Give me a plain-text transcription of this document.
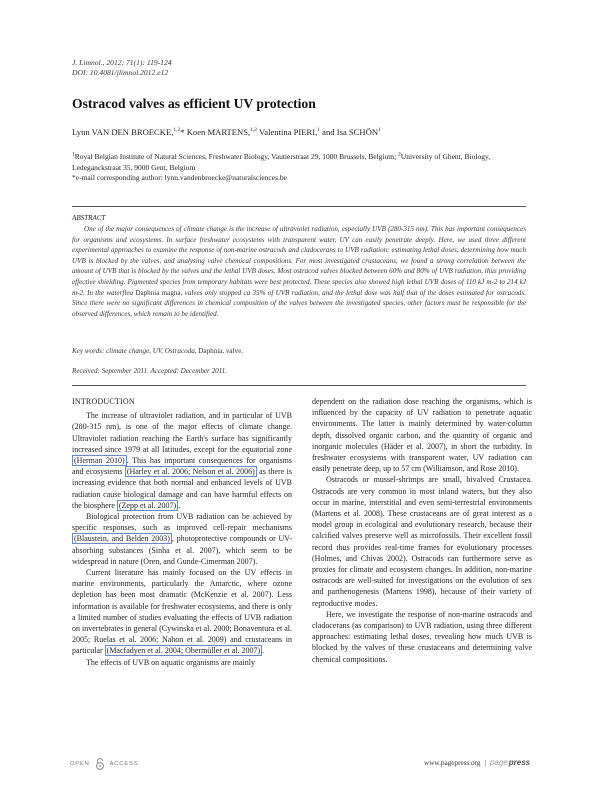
J. Limnol., 2012; 71(1): 119-124
DOI: 10.4081/jlimnol.2012.e12
Ostracod valves as efficient UV protection
Lynn VAN DEN BROECKE,$^{1,2}$* Koen MARTENS,$^{1,2}$ Valentina PIERI,$^1$ and Isa SCHÖN$^1$
$^1$Royal Belgian Institute of Natural Sciences, Freshwater Biology, Vautierstraat 29, 1000 Brussels, Belgium; $^2$University of Ghent, Biology, Ledeganckstraat 35, 9000 Gent, Belgium
*e-mail corresponding author: lynn.vandenbroecke@naturalsciences.be
ABSTRACT
One of the major consequences of climate change is the increase of ultraviolet radiation, especially UVB (280-315 nm). This has important consequences for organisms and ecosystems. In surface freshwater ecosystems with transparent water, UV can easily penetrate deeply. Here, we used three different experimental approaches to examine the response of non-marine ostracods and cladocerans to UVB radiation: estimating lethal doses, determining how much UVB is blocked by the valves, and analysing valve chemical compositions. For most investigated crustaceans, we found a strong correlation between the amount of UVB that is blocked by the valves and the lethal UVB doses. Most ostracod valves blocked between 60% and 80% of UVB radiation, thus providing effective shielding. Pigmented species from temporary habitats were best protected. These species also showed high lethal UVB doses of 110 kJ m-2 to 214 kJ m-2. In the waterflea Daphnia magna, valves only stopped ca 35% of UVB radiation, and the lethal dose was half that of the doses estimated for ostracods. Since there were no significant differences in chemical composition of the valves between the investigated species, other factors must be responsible for the observed differences, which remain to be identified.
Key words: climate change, UV, Ostracoda, Daphnia, valve.
Received: September 2011. Accepted: December 2011.
INTRODUCTION

The increase of ultraviolet radiation, and in particular of UVB (280-315 nm), is one of the major effects of climate change. Ultraviolet radiation reaching the Earth's surface has significantly increased since 1979 at all latitudes, except for the equatorial zone (Herman 2010) . This has important consequences for organisms and ecosystems (Harley et al. 2006; Nelson et al. 2006) as there is increasing evidence that both normal and enhanced levels of UVB radiation cause biological damage and can have harmful effects on the biosphere (Zepp et al. 2007) .

Biological protection from UVB radiation can be achieved by specific responses, such as improved cell-repair mechanisms (Blaustein, and Belden 2003) , photoprotective compounds or UV-absorbing substances (Sinha et al. 2007), which seem to be widespread in nature (Oren, and Gunde-Cimerman 2007).

Current literature has mainly focused on the UV effects in marine environments, particularly the Antarctic, where ozone depletion has been most dramatic (McKenzie et al. 2007). Less information is available for freshwater ecosystems, and there is only a limited number of studies evaluating the effects of UVB radiation on invertebrates in general (Cywinska et al. 2000; Bonaventura et al. 2005; Ruelas et al. 2006; Nahon et al. 2009) and crustaceans in particular (Macfadyen et al. 2004; Obermüller et al. 2007) .

The effects of UVB on aquatic organisms are mainly

dependent on the radiation dose reaching the organisms, which is influenced by the capacity of UV radiation to penetrate aquatic environments. The latter is mainly determined by water-column depth, dissolved organic carbon, and the quantity of organic and inorganic molecules (Häder et al. 2007), in short the turbidity. In freshwater ecosystems with transparent water, UV radiation can easily penetrate deep, up to 57 cm (Williamson, and Rose 2010).

Ostracods or mussel-shrimps are small, bivalved Crustacea. Ostracods are very common in most inland waters, but they also occur in marine, interstitial and even semi-terrestrial environments (Martens et al. 2008). These crustaceans are of great interest as a model group in ecological and evolutionary research, because their calcified valves preserve well as microfossils. Their excellent fossil record thus provides real-time frames for evolutionary processes (Holmes, and Chivas 2002). Ostracods can furthermore serve as proxies for climate and ecosystem changes. In addition, non-marine ostracods are well-suited for investigations on the evolution of sex and parthenogenesis (Martens 1998), because of their variety of reproductive modes.

Here, we investigate the response of non-marine ostracods and cladocerans (as comparison) to UVB radiation, using three different approaches: estimating lethal doses, revealing how much UVB is blocked by the valves of these crustaceans and determining valve chemical compositions.

OPEN	ACCESS	www.pagepress.org | page press
